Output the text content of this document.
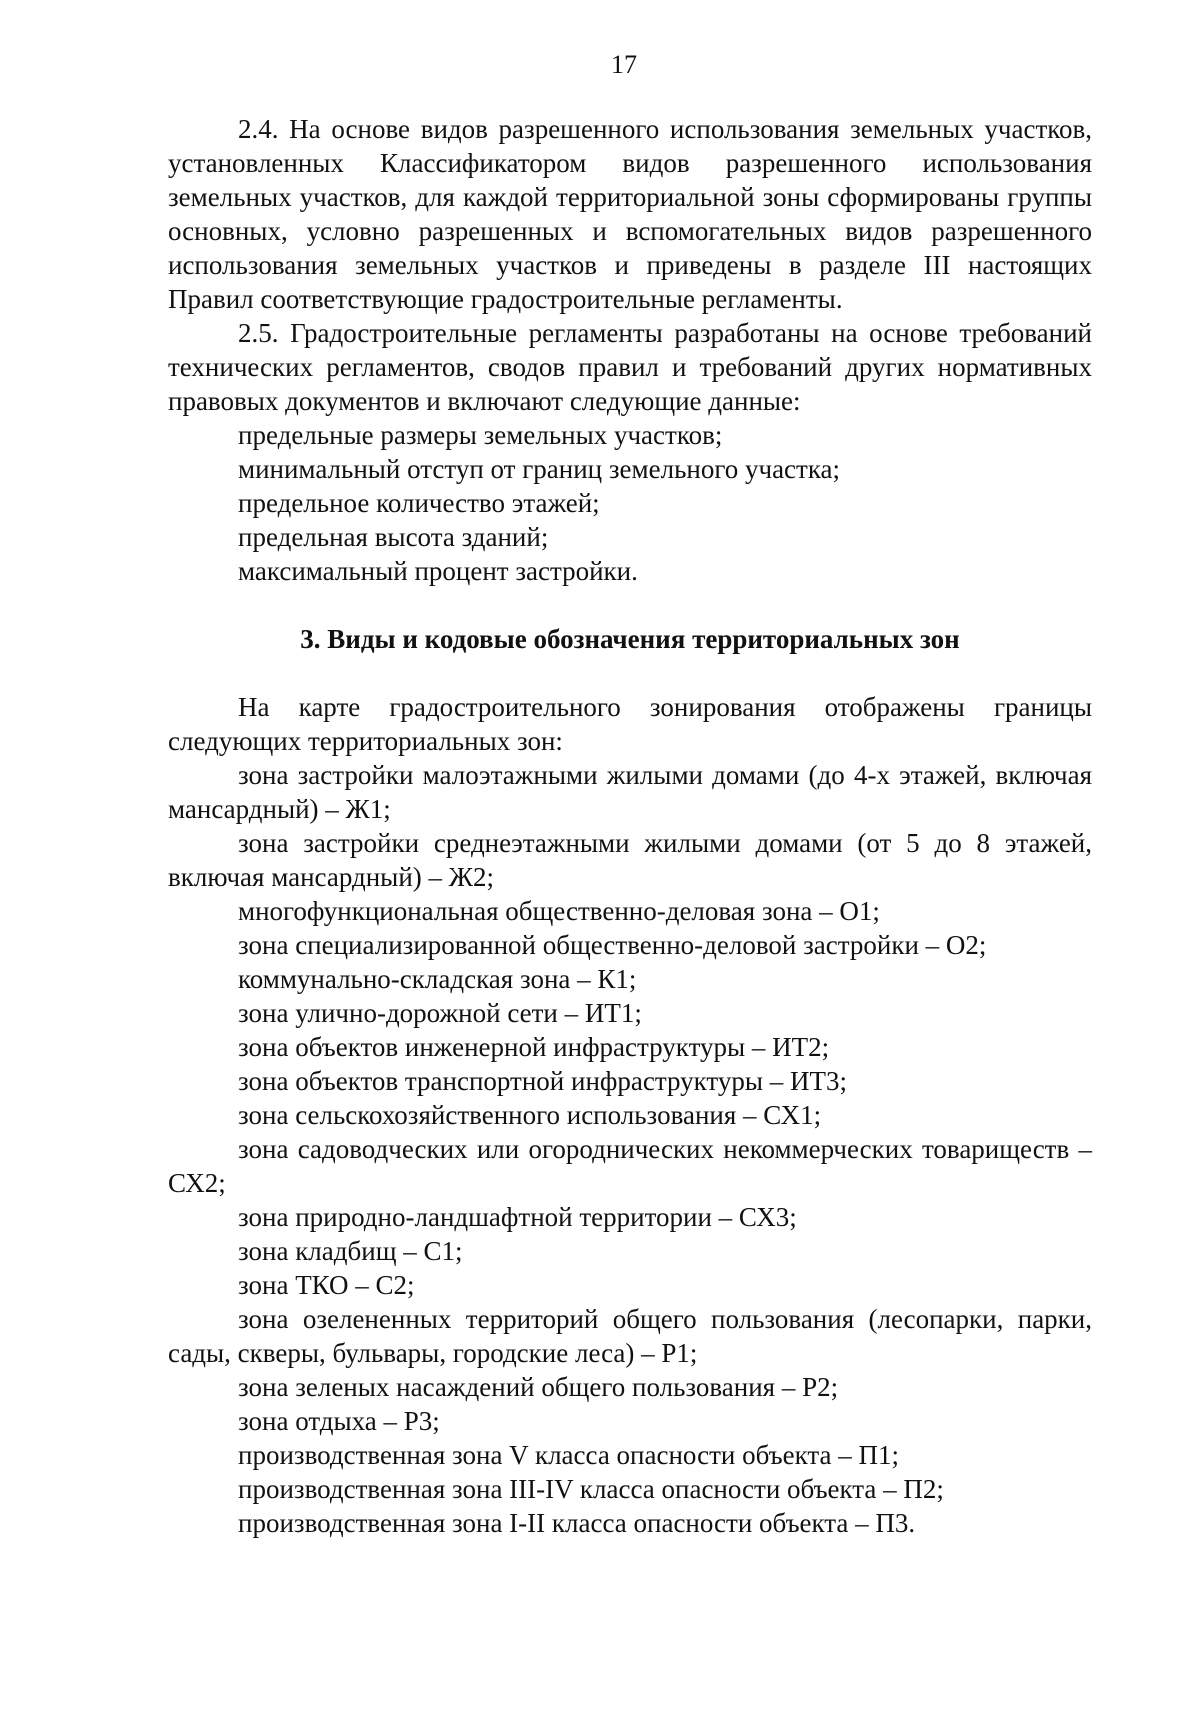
17

2.4. На основе видов разрешенного использования земельных участков, установленных Классификатором видов разрешенного использования земельных участков, для каждой территориальной зоны сформированы группы основных, условно разрешенных и вспомогательных видов разрешенного использования земельных участков и приведены в разделе III настоящих Правил соответствующие градостроительные регламенты.

2.5. Градостроительные регламенты разработаны на основе требований технических регламентов, сводов правил и требований других нормативных правовых документов и включают следующие данные:

предельные размеры земельных участков;

минимальный отступ от границ земельного участка;

предельное количество этажей;

предельная высота зданий;

максимальный процент застройки.

3. Виды и кодовые обозначения территориальных зон

На карте градостроительного зонирования отображены границы следующих территориальных зон:

зона застройки малоэтажными жилыми домами (до 4-х этажей, включая мансардный) – Ж1;

зона застройки среднеэтажными жилыми домами (от 5 до 8 этажей, включая мансардный) – Ж2;

многофункциональная общественно-деловая зона – О1;

зона специализированной общественно-деловой застройки – О2;

коммунально-складская зона – К1;

зона улично-дорожной сети – ИТ1;

зона объектов инженерной инфраструктуры – ИТ2;

зона объектов транспортной инфраструктуры – ИТ3;

зона сельскохозяйственного использования – СХ1;

зона садоводческих или огороднических некоммерческих товариществ – СХ2;

зона природно-ландшафтной территории – СХ3;

зона кладбищ – С1;

зона ТКО – С2;

зона озелененных территорий общего пользования (лесопарки, парки, сады, скверы, бульвары, городские леса) – Р1;

зона зеленых насаждений общего пользования – Р2;

зона отдыха – Р3;

производственная зона V класса опасности объекта – П1;

производственная зона III-IV класса опасности объекта – П2;

производственная зона I-II класса опасности объекта – П3.
